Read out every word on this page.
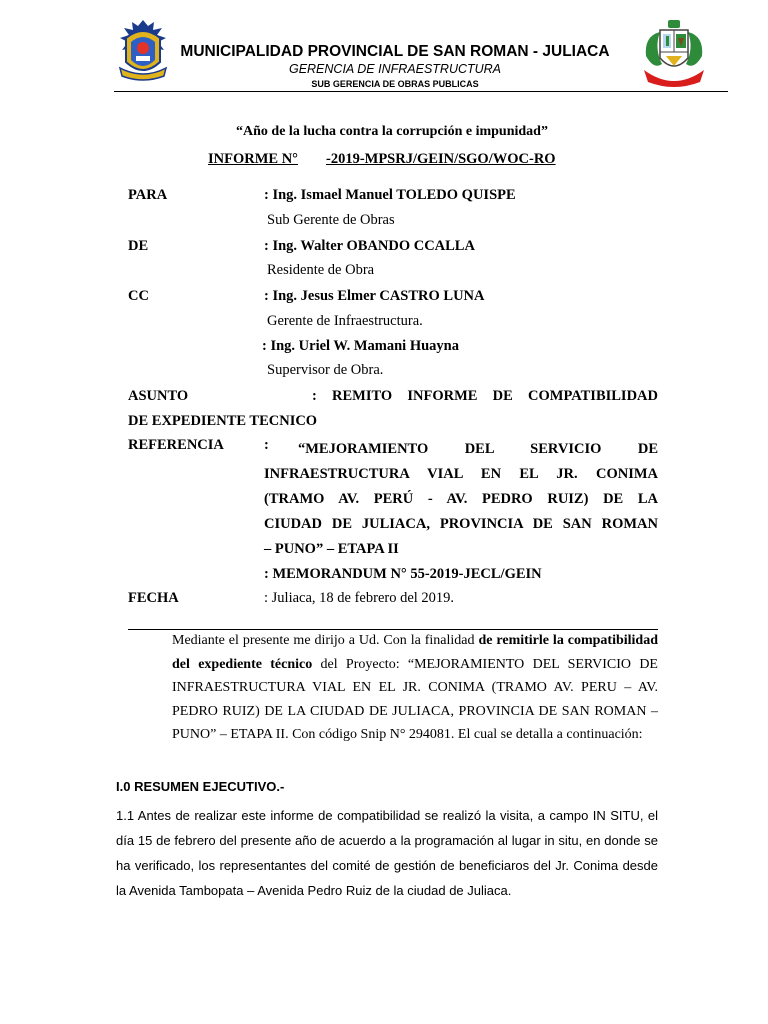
MUNICIPALIDAD PROVINCIAL DE SAN ROMAN - JULIACA
GERENCIA DE INFRAESTRUCTURA
SUB GERENCIA DE OBRAS PUBLICAS
“Año de la lucha contra la corrupción e impunidad”
INFORME N° -2019-MPSRJ/GEIN/SGO/WOC-RO
PARA	: Ing. Ismael Manuel TOLEDO QUISPE
Sub Gerente de Obras
DE	: Ing. Walter OBANDO CCALLA
Residente de Obra
CC	: Ing. Jesus Elmer CASTRO LUNA
Gerente de Infraestructura.
: Ing. Uriel W. Mamani Huayna
Supervisor de Obra.
ASUNTO	: REMITO INFORME DE COMPATIBILIDAD
DE EXPEDIENTE TECNICO
REFERENCIA	:	“MEJORAMIENTO DEL SERVICIO DE
INFRAESTRUCTURA VIAL EN EL JR. CONIMA
(TRAMO AV. PERÚ - AV. PEDRO RUIZ) DE LA
CIUDAD DE JULIACA, PROVINCIA DE SAN ROMAN
– PUNO” – ETAPA II
: MEMORANDUM N° 55-2019-JECL/GEIN
FECHA	: Juliaca, 18 de febrero del 2019.
Mediante el presente me dirijo a Ud. Con la finalidad de remitirle la compatibilidad del expediente técnico del Proyecto: “MEJORAMIENTO DEL SERVICIO DE INFRAESTRUCTURA VIAL EN EL JR. CONIMA (TRAMO AV. PERU – AV. PEDRO RUIZ) DE LA CIUDAD DE JULIACA, PROVINCIA DE SAN ROMAN – PUNO” – ETAPA II. Con código Snip N° 294081. El cual se detalla a continuación:
I.0 RESUMEN EJECUTIVO.-
1.1 Antes de realizar este informe de compatibilidad se realizó la visita, a campo IN SITU, el día 15 de febrero del presente año de acuerdo a la programación al lugar in situ, en donde se ha verificado, los representantes del comité de gestión de beneficiaros del Jr. Conima desde la Avenida Tambopata – Avenida Pedro Ruiz de la ciudad de Juliaca.
